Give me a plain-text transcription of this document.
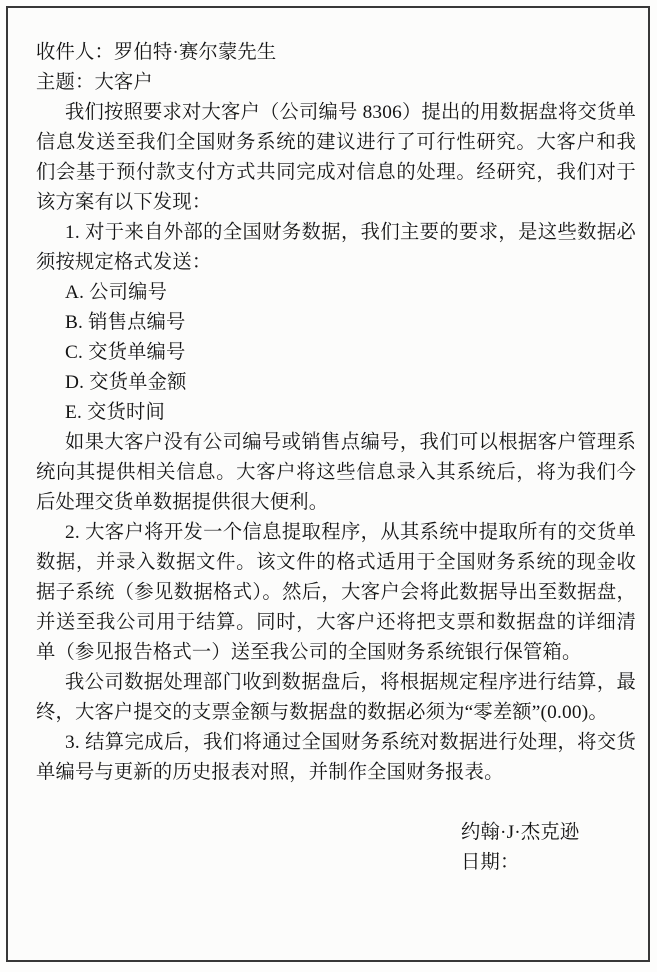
收件人：罗伯特·赛尔蒙先生

主题：大客户

我们按照要求对大客户（公司编号 8306）提出的用数据盘将交货单信息发送至我们全国财务系统的建议进行了可行性研究。大客户和我们会基于预付款支付方式共同完成对信息的处理。经研究，我们对于该方案有以下发现：

1. 对于来自外部的全国财务数据，我们主要的要求，是这些数据必须按规定格式发送：

A. 公司编号

B. 销售点编号

C. 交货单编号

D. 交货单金额

E. 交货时间

如果大客户没有公司编号或销售点编号，我们可以根据客户管理系统向其提供相关信息。大客户将这些信息录入其系统后，将为我们今后处理交货单数据提供很大便利。

2. 大客户将开发一个信息提取程序，从其系统中提取所有的交货单数据，并录入数据文件。该文件的格式适用于全国财务系统的现金收据子系统（参见数据格式）。然后，大客户会将此数据导出至数据盘，并送至我公司用于结算。同时，大客户还将把支票和数据盘的详细清单（参见报告格式一）送至我公司的全国财务系统银行保管箱。

我公司数据处理部门收到数据盘后，将根据规定程序进行结算，最终，大客户提交的支票金额与数据盘的数据必须为“零差额”(0.00)。

3. 结算完成后，我们将通过全国财务系统对数据进行处理，将交货单编号与更新的历史报表对照，并制作全国财务报表。

约翰·J·杰克逊

日期：
